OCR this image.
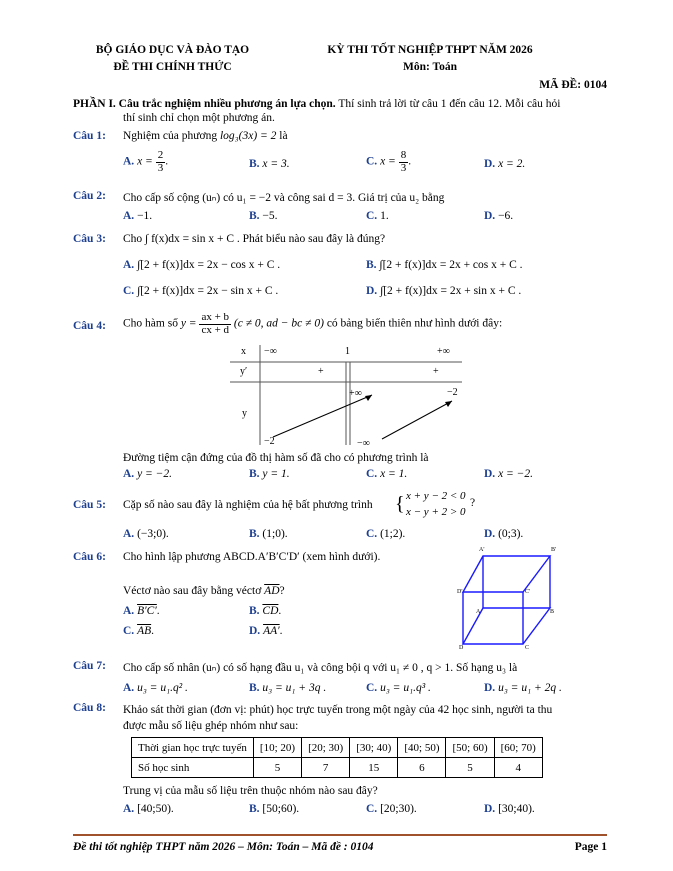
BỘ GIÁO DỤC VÀ ĐÀO TẠO
ĐỀ THI CHÍNH THỨC
KỲ THI TỐT NGHIỆP THPT NĂM 2026
Môn: Toán
MÃ ĐỀ: 0104
PHẦN I. Câu trắc nghiệm nhiều phương án lựa chọn. Thí sinh trả lời từ câu 1 đến câu 12. Mỗi câu hỏi
thí sinh chỉ chọn một phương án.
Câu 1: Nghiệm của phương log₃(3x) = 2 là
A. $x = \frac{2}{3}$ .	B. x = 3.	C. $x = \frac{8}{3}$ .	D. x = 2.
Câu 2: Cho cấp số cộng (uₙ) có u₁ = −2 và công sai d = 3. Giá trị của u₂ bằng
A. −1.	B. −5.	C. 1.	D. −6.
Câu 3: Cho ∫ f(x)dx = sin x + C . Phát biểu nào sau đây là đúng?
A. ∫[2 + f(x)]dx = 2x − cos x + C .	B. ∫[2 + f(x)]dx = 2x + cos x + C .
C. ∫[2 + f(x)]dx = 2x − sin x + C .	D. ∫[2 + f(x)]dx = 2x + sin x + C .
Câu 4: Cho hàm số $y = \frac{ax + b}{cx + d} (c \ne 0$, ad − bc ≠ 0) có bảng biến thiên như hình dưới đây:
x −∞	1	+∞
y′	+	+
y
+∞	−2
−2	−∞
Đường tiệm cận đứng của đồ thị hàm số đã cho có phương trình là
A. y = −2.	B. y = 1.	C. x = 1.	D. x = −2.
Câu 5: Cặp số nào sau đây là nghiệm của hệ bất phương trình { x + y − 2 < 0
x − y + 2 > 0
?
A. (−3;0).	B. (1;0).	C. (1;2).	D. (0;3).
Câu 6: Cho hình lập phương ABCD.A′B′C′D′ (xem hình dưới).
Véctơ nào sau đây bằng véctơ $\overline{AD}$?
A. B′C′.	B. $\overline{CD}$.
C. $\overline{AB}$.	D. AA′.
A'	B'
C'
D'
A	B
C
D
Câu 7: Cho cấp số nhân (uₙ) có số hạng đầu u₁ và công bội q với u₁ ≠ 0 , q > 1. Số hạng u₃ là
A. u₃ = u₁.q² .	B. u₃ = u₁ + 3q .	C. u₃ = u₁.q³ .	D. u₃ = u₁ + 2q .
Câu 8: Khảo sát thời gian (đơn vị: phút) học trực tuyến trong một ngày của 42 học sinh, người ta thu
được mẫu số liệu ghép nhóm như sau:
Thời gian học trực tuyến	[10; 20)	[20; 30)	[30; 40)	[40; 50)	[50; 60)	[60; 70)
Số học sinh	5	7	15	6	5	4
Trung vị của mẫu số liệu trên thuộc nhóm nào sau đây?
A. [40;50).	B. [50;60).	C. [20;30).	D. [30;40).
Đề thi tốt nghiệp THPT năm 2026 – Môn: Toán – Mã đề : 0104	Page 1
